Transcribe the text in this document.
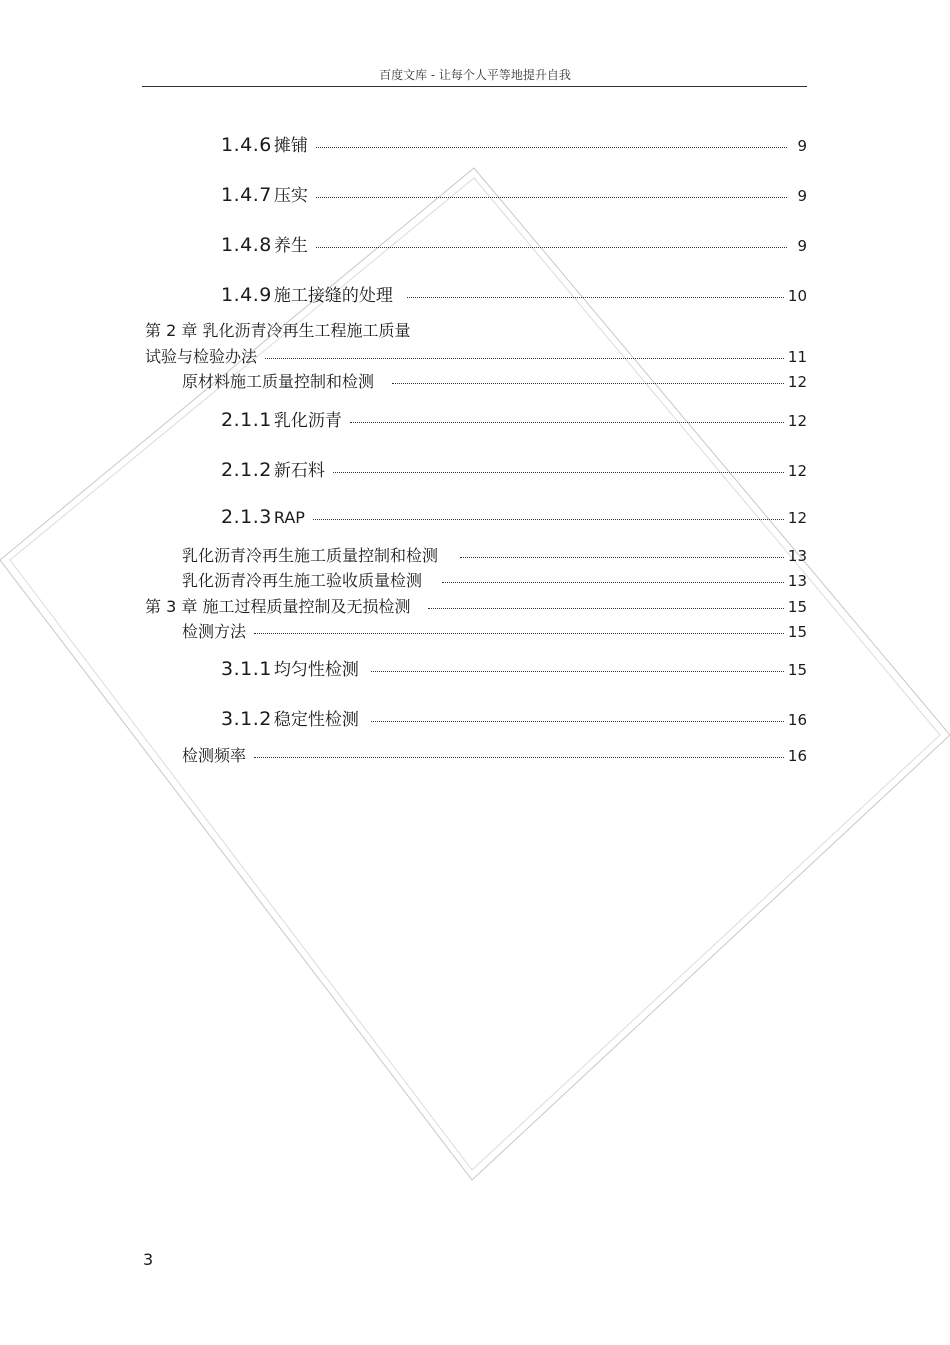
百度文库 - 让每个人平等地提升自我
1.4.6 摊铺	9
1.4.7 压实	9
1.4.8 养生	9
1.4.9 施工接缝的处理	10
第 2 章 乳化沥青冷再生工程施工质量
试验与检验办法	11
原材料施工质量控制和检测	12
2.1.1 乳化沥青	12
2.1.2 新石料	12
2.1.3 RAP	12
乳化沥青冷再生施工质量控制和检测	13
乳化沥青冷再生施工验收质量检测	13
第 3 章 施工过程质量控制及无损检测	15
检测方法	15
3.1.1 均匀性检测	15
3.1.2 稳定性检测	16
检测频率	16
3
